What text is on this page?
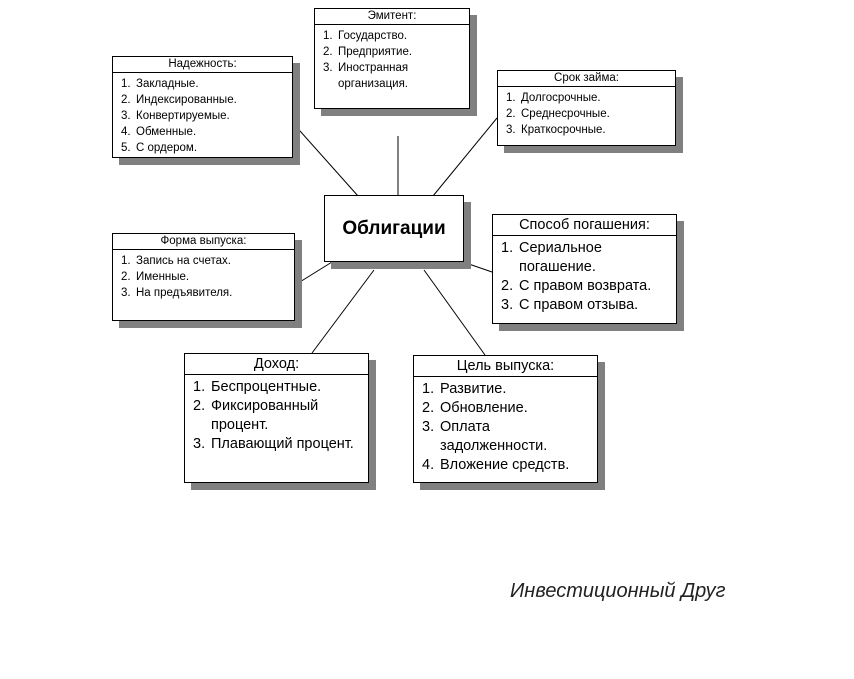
Эмитент:
1. Государство.
2. Предприятие.
3. Иностранная организация.
Надежность:
1. Закладные.
2. Индексированные.
3. Конвертируемые.
4. Обменные.
5. С ордером.
Срок займа:
1. Долгосрочные.
2. Среднесрочные.
3. Краткосрочные.
Облигации
Форма выпуска:
1. Запись на счетах.
2. Именные.
3. На предъявителя.
Способ погашения:
1. Сериальное погашение.
2. С правом возврата.
3. С правом отзыва.
Доход:
1. Беспроцентные.
2. Фиксированный процент.
3. Плавающий процент.
Цель выпуска:
1. Развитие.
2. Обновление.
3. Оплата задолженности.
4. Вложение средств.
Инвестиционный Друг
